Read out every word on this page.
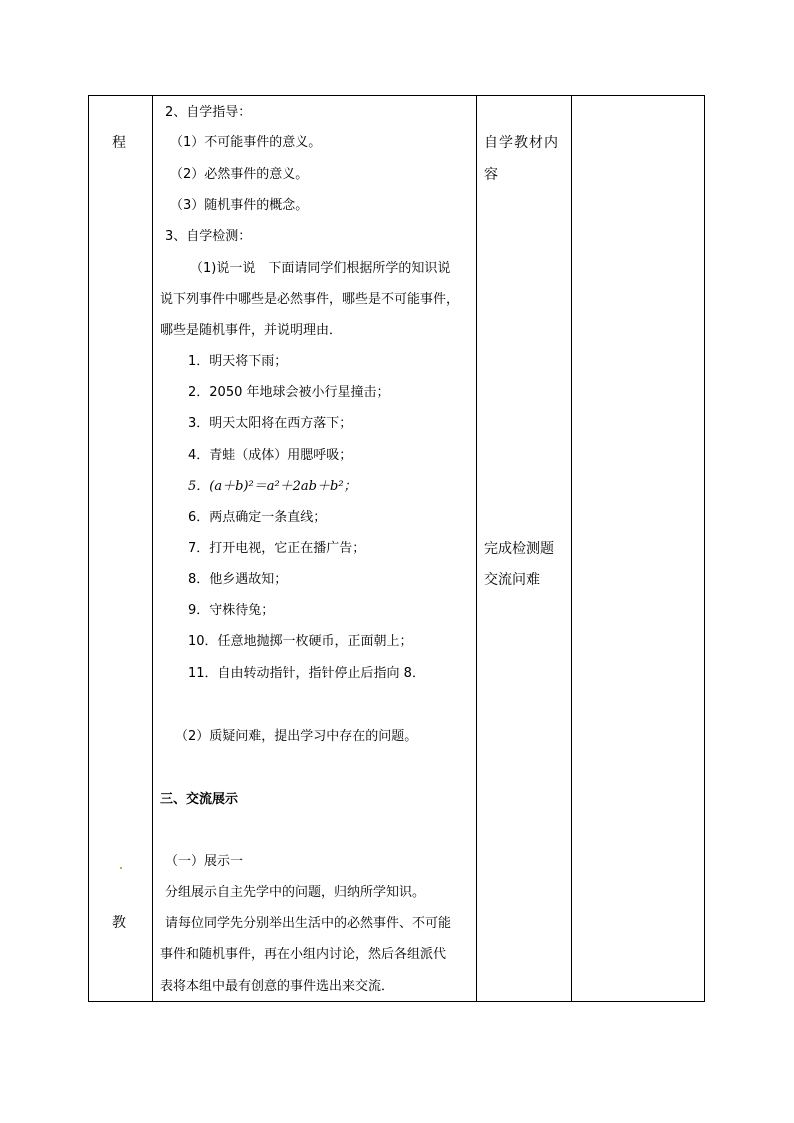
程
教
2、自学指导：
（1）不可能事件的意义。
（2）必然事件的意义。
（3）随机事件的概念。
3、自学检测：
（1)说一说　下面请同学们根据所学的知识说
说下列事件中哪些是必然事件，哪些是不可能事件，
哪些是随机事件，并说明理由．
1．明天将下雨；
2．2050 年地球会被小行星撞击；
3．明天太阳将在西方落下；
4．青蛙（成体）用腮呼吸；
5．(a＋b)²＝a²＋2ab＋b²；
6．两点确定一条直线；
7．打开电视，它正在播广告；
8．他乡遇故知；
9．守株待兔；
10．任意地抛掷一枚硬币，正面朝上；
11．自由转动指针，指针停止后指向 8．
（2）质疑问难，提出学习中存在的问题。
三、交流展示
（一）展示一
分组展示自主先学中的问题，归纳所学知识。
请每位同学先分别举出生活中的必然事件、不可能
事件和随机事件，再在小组内讨论，然后各组派代
表将本组中最有创意的事件选出来交流．
自学教材内
容
完成检测题
交流问难
